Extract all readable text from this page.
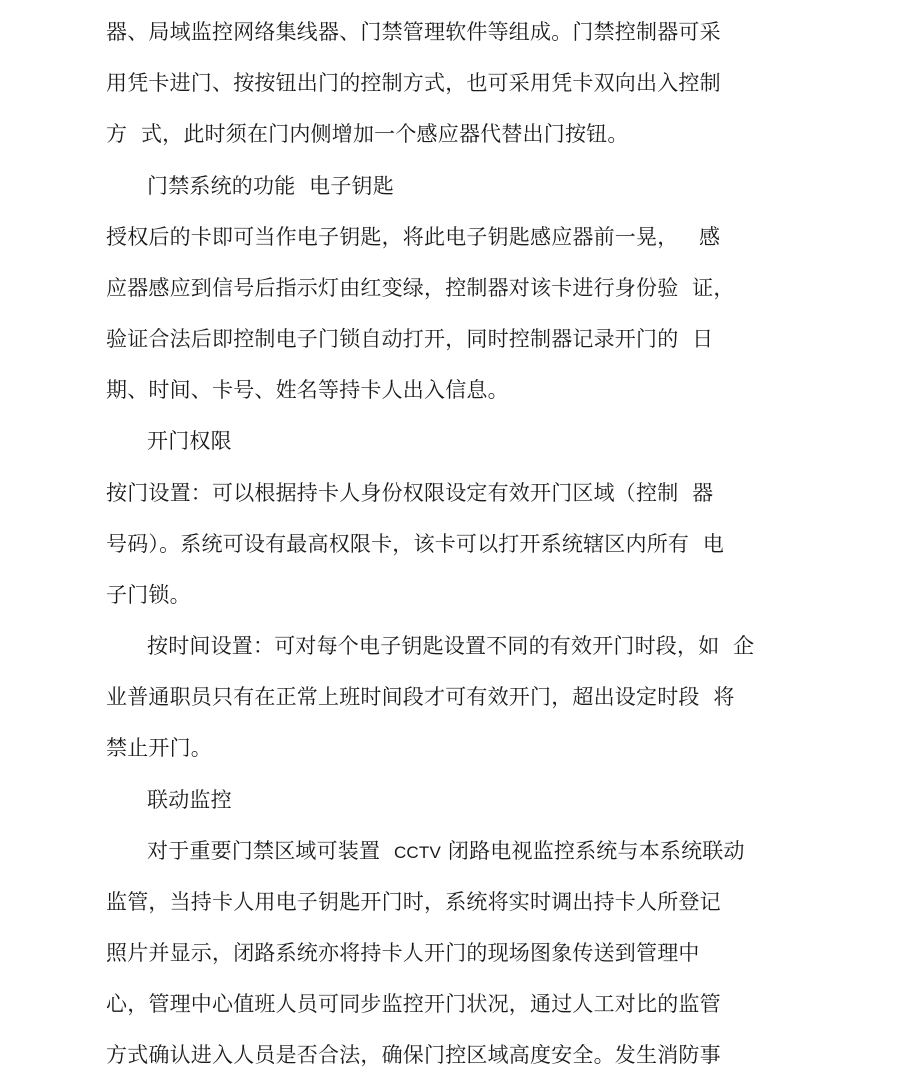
器、局域监控网络集线器、门禁管理软件等组成。门禁控制器可采
用凭卡进门、按按钮出门的控制方式，也可采用凭卡双向出入控制
方  式，此时须在门内侧增加一个感应器代替出门按钮。
门禁系统的功能  电子钥匙
授权后的卡即可当作电子钥匙，将此电子钥匙感应器前一晃，   感
应器感应到信号后指示灯由红变绿，控制器对该卡进行身份验  证，
验证合法后即控制电子门锁自动打开，同时控制器记录开门的  日
期、时间、卡号、姓名等持卡人出入信息。
开门权限
按门设置：可以根据持卡人身份权限设定有效开门区域（控制  器
号码）。系统可设有最高权限卡，该卡可以打开系统辖区内所有  电
子门锁。
按时间设置：可对每个电子钥匙设置不同的有效开门时段，如  企
业普通职员只有在正常上班时间段才可有效开门，超出设定时段  将
禁止开门。
联动监控
对于重要门禁区域可装置  CCTV 闭路电视监控系统与本系统联动
监管，当持卡人用电子钥匙开门时，系统将实时调出持卡人所登记
照片并显示，闭路系统亦将持卡人开门的现场图象传送到管理中
心，管理中心值班人员可同步监控开门状况，通过人工对比的监管
方式确认进入人员是否合法，确保门控区域高度安全。发生消防事
